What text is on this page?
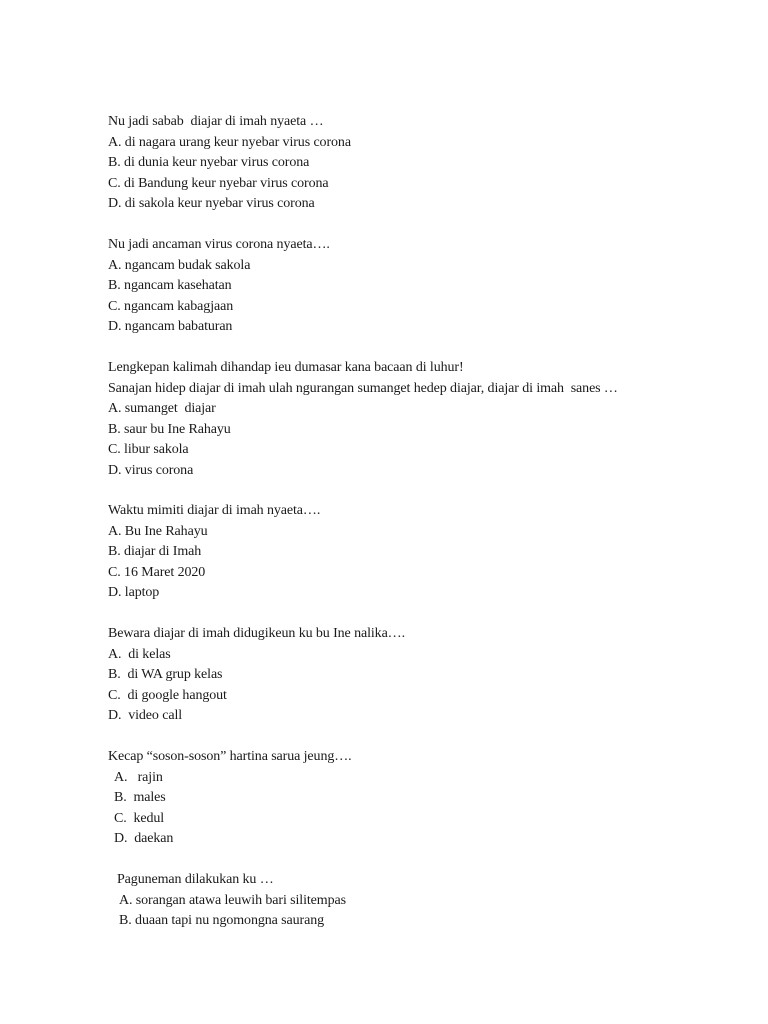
Nu jadi sabab  diajar di imah nyaeta …
A. di nagara urang keur nyebar virus corona
B. di dunia keur nyebar virus corona
C. di Bandung keur nyebar virus corona
D. di sakola keur nyebar virus corona
Nu jadi ancaman virus corona nyaeta….
A. ngancam budak sakola
B. ngancam kasehatan
C. ngancam kabagjaan
D. ngancam babaturan
Lengkepan kalimah dihandap ieu dumasar kana bacaan di luhur!
Sanajan hidep diajar di imah ulah ngurangan sumanget hedep diajar, diajar di imah  sanes …
A. sumanget  diajar
B. saur bu Ine Rahayu
C. libur sakola
D. virus corona
Waktu mimiti diajar di imah nyaeta….
A. Bu Ine Rahayu
B. diajar di Imah
C. 16 Maret 2020
D. laptop
Bewara diajar di imah didugikeun ku bu Ine nalika….
A.  di kelas
B.  di WA grup kelas
C.  di google hangout
D.  video call
Kecap “soson-soson” hartina sarua jeung….
A.   rajin
B.  males
C.  kedul
D.  daekan
Paguneman dilakukan ku …
A. sorangan atawa leuwih bari silitempas
B. duaan tapi nu ngomongna saurang
